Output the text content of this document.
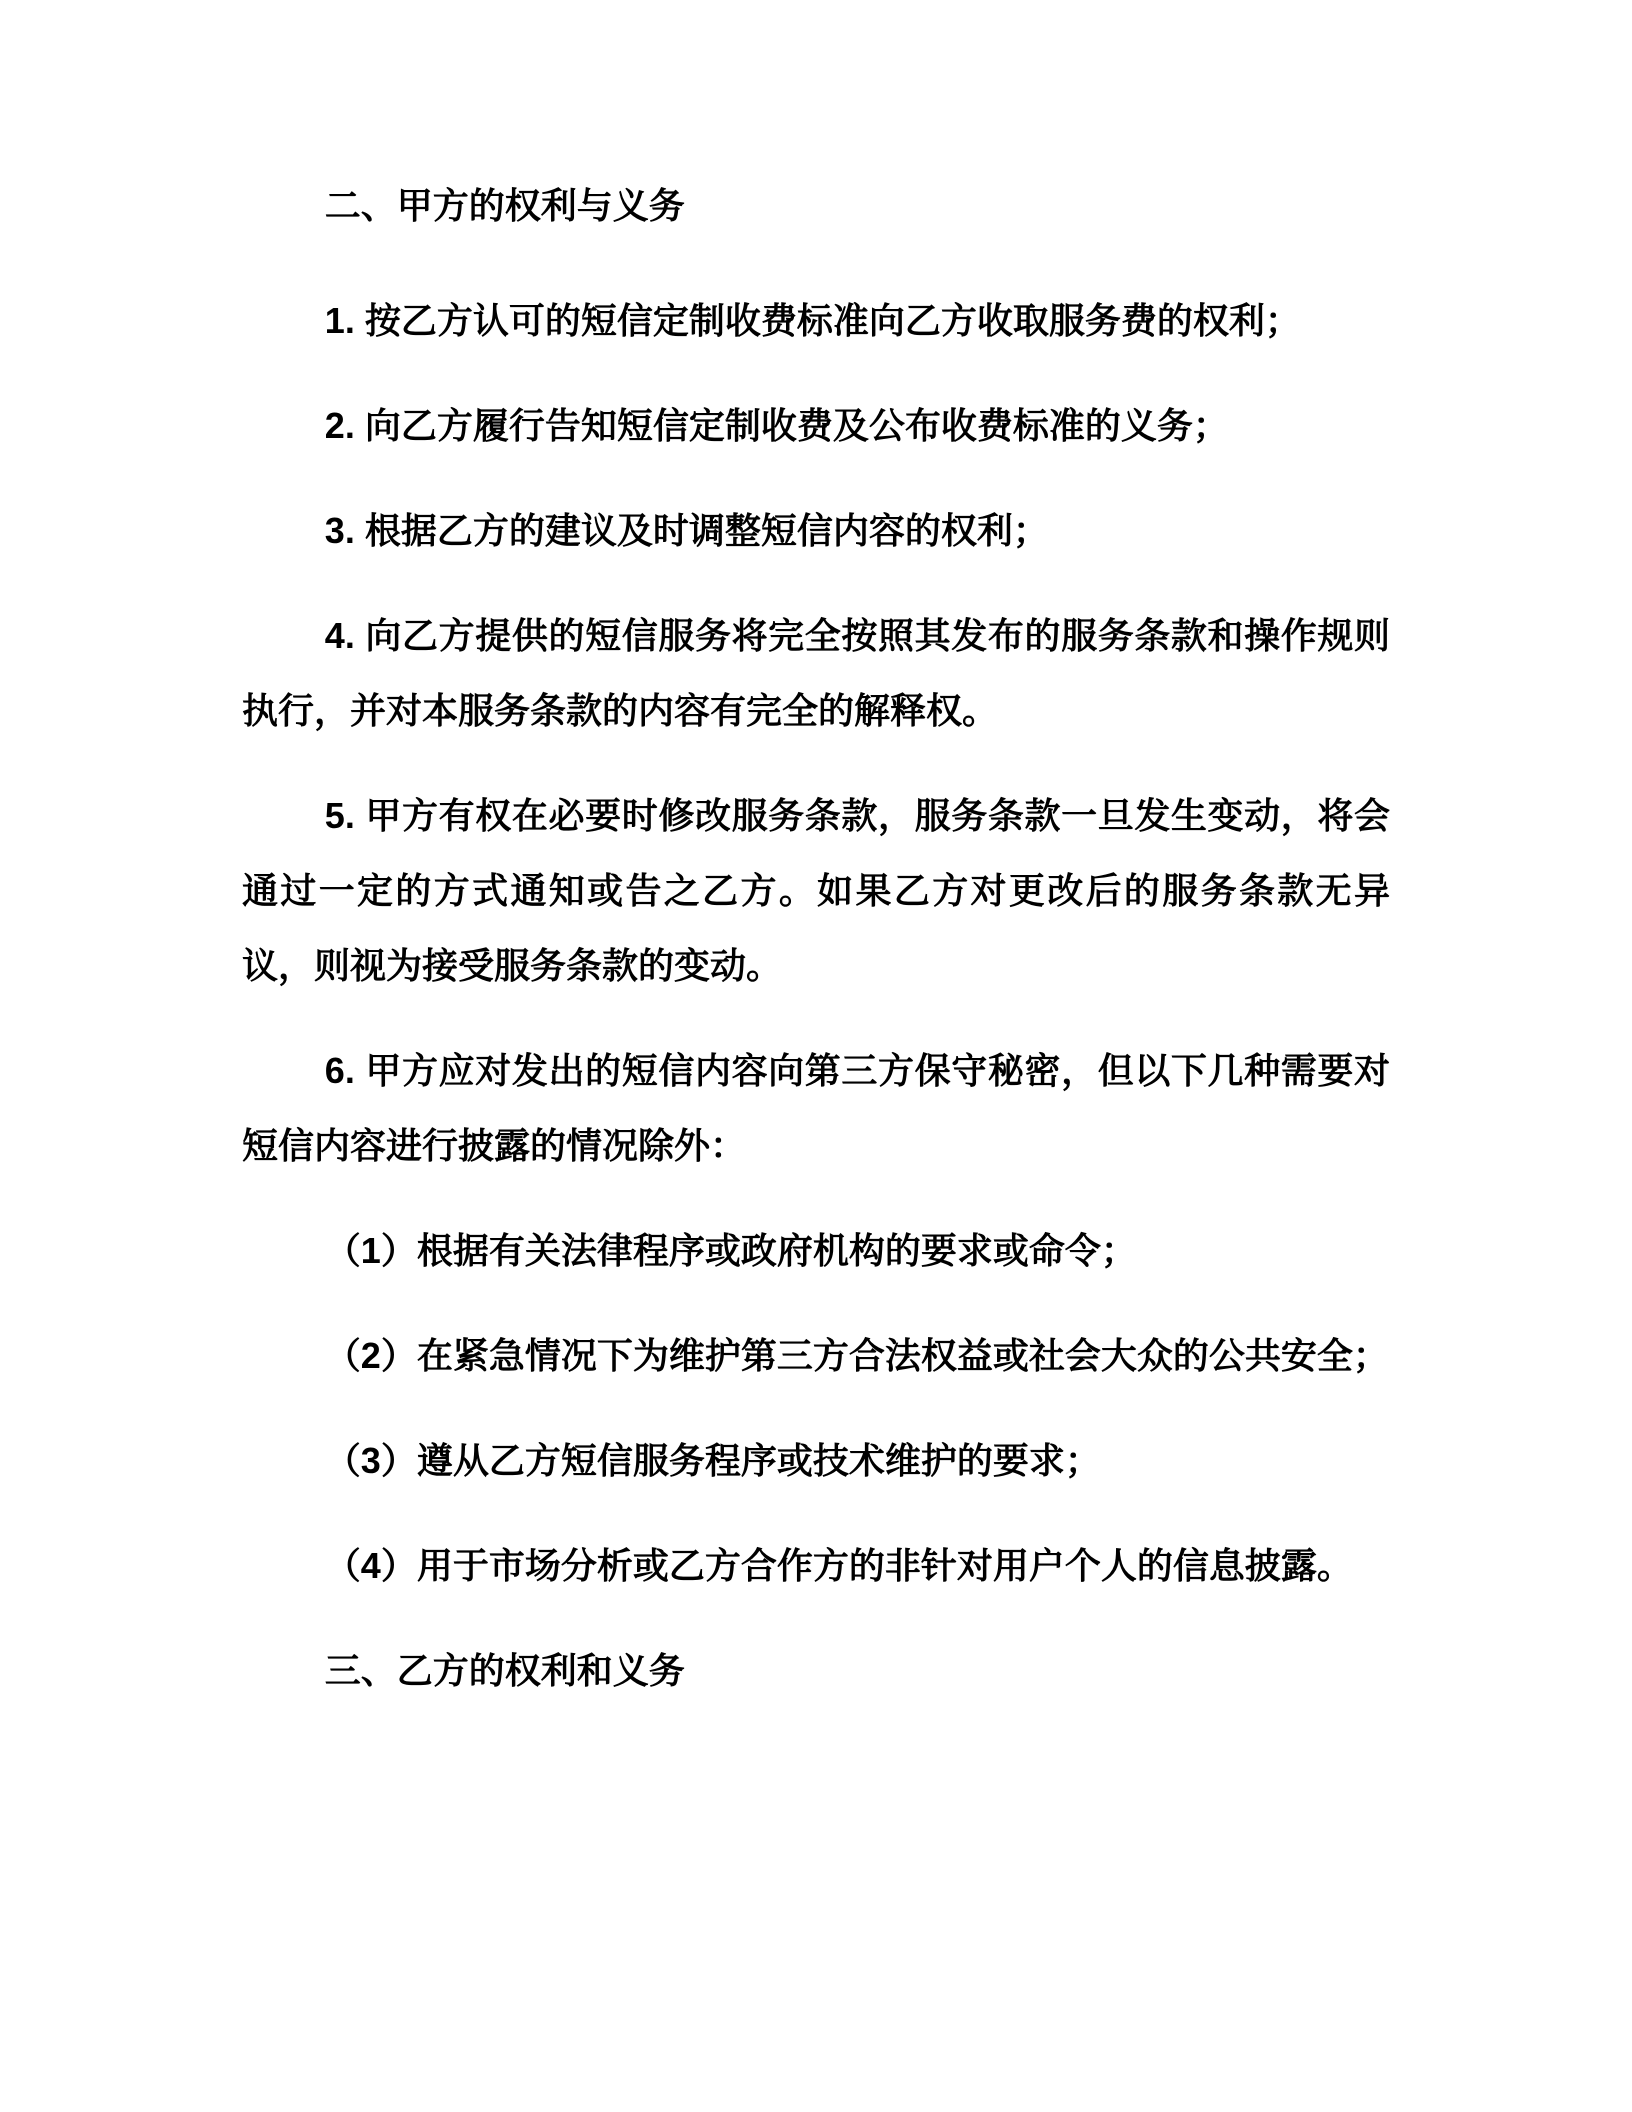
二、甲方的权利与义务

1. 按乙方认可的短信定制收费标准向乙方收取服务费的权利；

2. 向乙方履行告知短信定制收费及公布收费标准的义务；

3. 根据乙方的建议及时调整短信内容的权利；

4. 向乙方提供的短信服务将完全按照其发布的服务条款和操作规则执行，并对本服务条款的内容有完全的解释权。

5. 甲方有权在必要时修改服务条款，服务条款一旦发生变动，将会通过一定的方式通知或告之乙方。如果乙方对更改后的服务条款无异议，则视为接受服务条款的变动。

6. 甲方应对发出的短信内容向第三方保守秘密，但以下几种需要对短信内容进行披露的情况除外：

（1）根据有关法律程序或政府机构的要求或命令；

（2）在紧急情况下为维护第三方合法权益或社会大众的公共安全；

（3）遵从乙方短信服务程序或技术维护的要求；

（4）用于市场分析或乙方合作方的非针对用户个人的信息披露。

三、乙方的权利和义务
